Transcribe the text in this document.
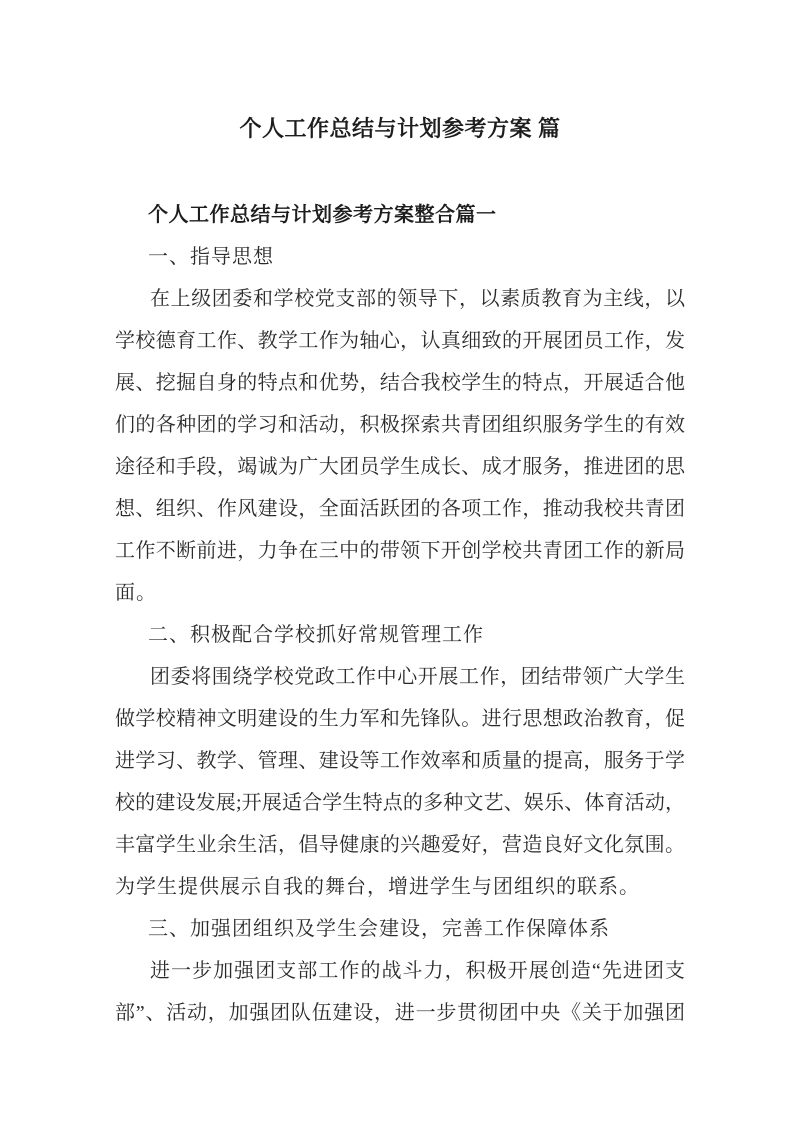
个人工作总结与计划参考方案 篇
个人工作总结与计划参考方案整合篇一
一、指导思想
在上级团委和学校党支部的领导下，以素质教育为主线，以
学校德育工作、教学工作为轴心，认真细致的开展团员工作，发
展、挖掘自身的特点和优势，结合我校学生的特点，开展适合他
们的各种团的学习和活动，积极探索共青团组织服务学生的有效
途径和手段，竭诚为广大团员学生成长、成才服务，推进团的思
想、组织、作风建设，全面活跃团的各项工作，推动我校共青团
工作不断前进，力争在三中的带领下开创学校共青团工作的新局
面。
二、积极配合学校抓好常规管理工作
团委将围绕学校党政工作中心开展工作，团结带领广大学生
做学校精神文明建设的生力军和先锋队。进行思想政治教育，促
进学习、教学、管理、建设等工作效率和质量的提高，服务于学
校的建设发展;开展适合学生特点的多种文艺、娱乐、体育活动，
丰富学生业余生活，倡导健康的兴趣爱好，营造良好文化氛围。
为学生提供展示自我的舞台，增进学生与团组织的联系。
三、加强团组织及学生会建设，完善工作保障体系
进一步加强团支部工作的战斗力，积极开展创造“先进团支
部”、活动，加强团队伍建设，进一步贯彻团中央《关于加强团
